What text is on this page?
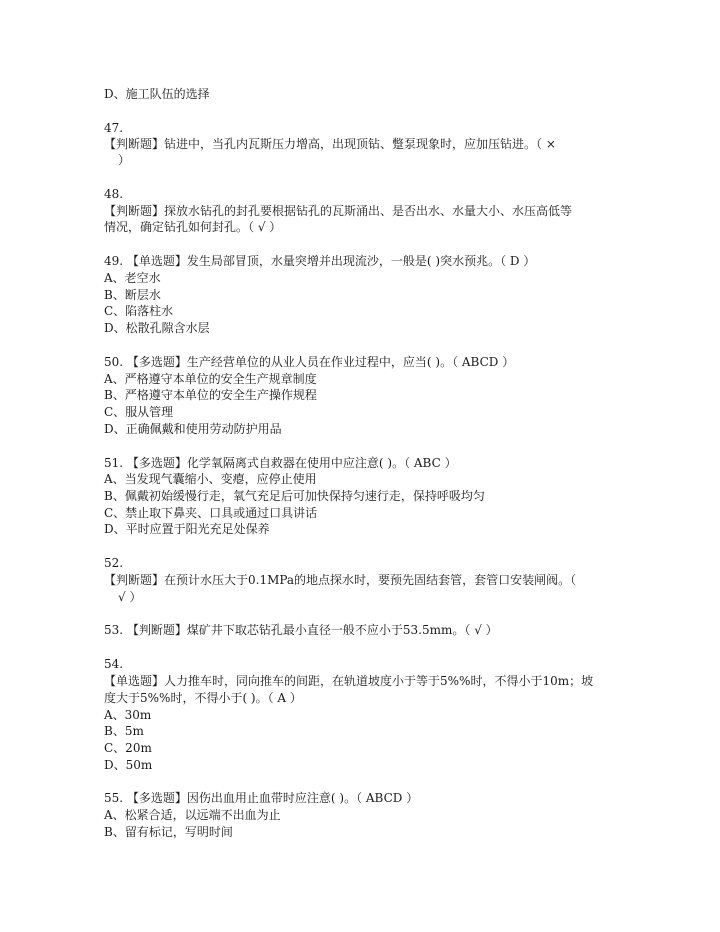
D、施工队伍的选择
47.
【判断题】钻进中，当孔内瓦斯压力增高，出现顶钻、蹩泵现象时，应加压钻进。（ ×
）
48.
【判断题】探放水钻孔的封孔要根据钻孔的瓦斯涌出、是否出水、水量大小、水压高低等
情况，确定钻孔如何封孔。（ √ ）
49. 【单选题】发生局部冒顶，水量突增并出现流沙，一般是( )突水预兆。（ D ）
A、老空水
B、断层水
C、陷落柱水
D、松散孔隙含水层
50. 【多选题】生产经营单位的从业人员在作业过程中，应当( )。（ ABCD ）
A、严格遵守本单位的安全生产规章制度
B、严格遵守本单位的安全生产操作规程
C、服从管理
D、正确佩戴和使用劳动防护用品
51. 【多选题】化学氧隔离式自救器在使用中应注意( )。（ ABC ）
A、当发现气囊缩小、变瘪，应停止使用
B、佩戴初始缓慢行走，氧气充足后可加快保持匀速行走，保持呼吸均匀
C、禁止取下鼻夹、口具或通过口具讲话
D、平时应置于阳光充足处保养
52.
【判断题】在预计水压大于0.1MPa的地点探水时，要预先固结套管，套管口安装闸阀。（
√ ）
53. 【判断题】煤矿井下取芯钻孔最小直径一般不应小于53.5mm。（ √ ）
54.
【单选题】人力推车时，同向推车的间距，在轨道坡度小于等于5%%时，不得小于10m；坡
度大于5%%时，不得小于( )。（ A ）
A、30m
B、5m
C、20m
D、50m
55. 【多选题】因伤出血用止血带时应注意( )。（ ABCD ）
A、松紧合适，以远端不出血为止
B、留有标记，写明时间
